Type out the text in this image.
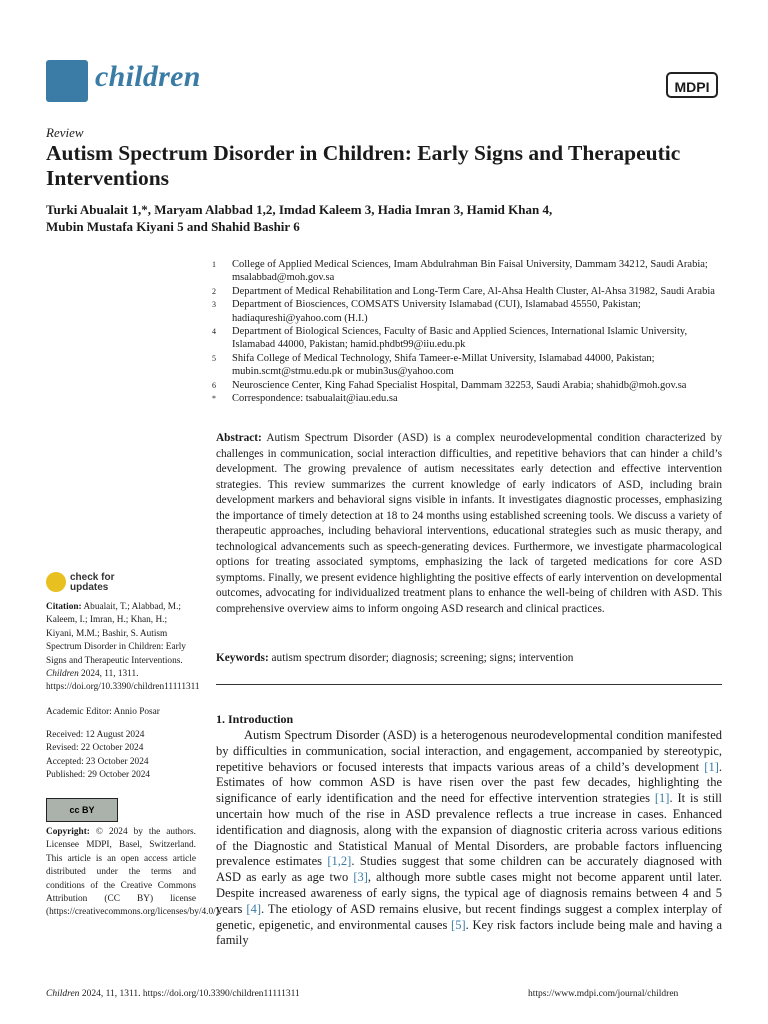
children	MDPI
Review
Autism Spectrum Disorder in Children: Early Signs and Therapeutic Interventions
Turki Abualait 1,*, Maryam Alabbad 1,2, Imdad Kaleem 3, Hadia Imran 3, Hamid Khan 4,
Mubin Mustafa Kiyani 5 and Shahid Bashir 6
1	College of Applied Medical Sciences, Imam Abdulrahman Bin Faisal University, Dammam 34212, Saudi Arabia; msalabbad@moh.gov.sa
2	Department of Medical Rehabilitation and Long-Term Care, Al-Ahsa Health Cluster, Al-Ahsa 31982, Saudi Arabia
3	Department of Biosciences, COMSATS University Islamabad (CUI), Islamabad 45550, Pakistan; hadiaqureshi@yahoo.com (H.I.)
4	Department of Biological Sciences, Faculty of Basic and Applied Sciences, International Islamic University, Islamabad 44000, Pakistan; hamid.phdbt99@iiu.edu.pk
5	Shifa College of Medical Technology, Shifa Tameer-e-Millat University, Islamabad 44000, Pakistan; mubin.scmt@stmu.edu.pk or mubin3us@yahoo.com
6	Neuroscience Center, King Fahad Specialist Hospital, Dammam 32253, Saudi Arabia; shahidb@moh.gov.sa
*	Correspondence: tsabualait@iau.edu.sa
Abstract: Autism Spectrum Disorder (ASD) is a complex neurodevelopmental condition characterized by challenges in communication, social interaction difficulties, and repetitive behaviors that can hinder a child’s development. The growing prevalence of autism necessitates early detection and effective intervention strategies. This review summarizes the current knowledge of early indicators of ASD, including brain development markers and behavioral signs visible in infants. It investigates diagnostic processes, emphasizing the importance of timely detection at 18 to 24 months using established screening tools. We discuss a variety of therapeutic approaches, including behavioral interventions, educational strategies such as music therapy, and technological advancements such as speech-generating devices. Furthermore, we investigate pharmacological options for treating associated symptoms, emphasizing the lack of targeted medications for core ASD symptoms. Finally, we present evidence highlighting the positive effects of early intervention on developmental outcomes, advocating for individualized treatment plans to enhance the well-being of children with ASD. This comprehensive overview aims to inform ongoing ASD research and clinical practices.
Keywords: autism spectrum disorder; diagnosis; screening; signs; intervention
check for
updates
Citation: Abualait, T.; Alabbad, M.; Kaleem, I.; Imran, H.; Khan, H.; Kiyani, M.M.; Bashir, S. Autism Spectrum Disorder in Children: Early Signs and Therapeutic Interventions. Children 2024, 11, 1311. https://doi.org/10.3390/children11111311
Academic Editor: Annio Posar
Received: 12 August 2024
Revised: 22 October 2024
Accepted: 23 October 2024
Published: 29 October 2024
cc BY
Copyright: © 2024 by the authors. Licensee MDPI, Basel, Switzerland. This article is an open access article distributed under the terms and conditions of the Creative Commons Attribution (CC BY) license (https://creativecommons.org/licenses/by/4.0/).
1. Introduction
Autism Spectrum Disorder (ASD) is a heterogenous neurodevelopmental condition manifested by difficulties in communication, social interaction, and engagement, accompanied by stereotypic, repetitive behaviors or focused interests that impacts various areas of a child’s development [1]. Estimates of how common ASD is have risen over the past few decades, highlighting the significance of early identification and the need for effective intervention strategies [1]. It is still uncertain how much of the rise in ASD prevalence reflects a true increase in cases. Enhanced identification and diagnosis, along with the expansion of diagnostic criteria across various editions of the Diagnostic and Statistical Manual of Mental Disorders, are probable factors influencing prevalence estimates [1,2]. Studies suggest that some children can be accurately diagnosed with ASD as early as age two [3], although more subtle cases might not become apparent until later. Despite increased awareness of early signs, the typical age of diagnosis remains between 4 and 5 years [4]. The etiology of ASD remains elusive, but recent findings suggest a complex interplay of genetic, epigenetic, and environmental causes [5]. Key risk factors include being male and having a family
Children 2024, 11, 1311. https://doi.org/10.3390/children11111311	https://www.mdpi.com/journal/children
